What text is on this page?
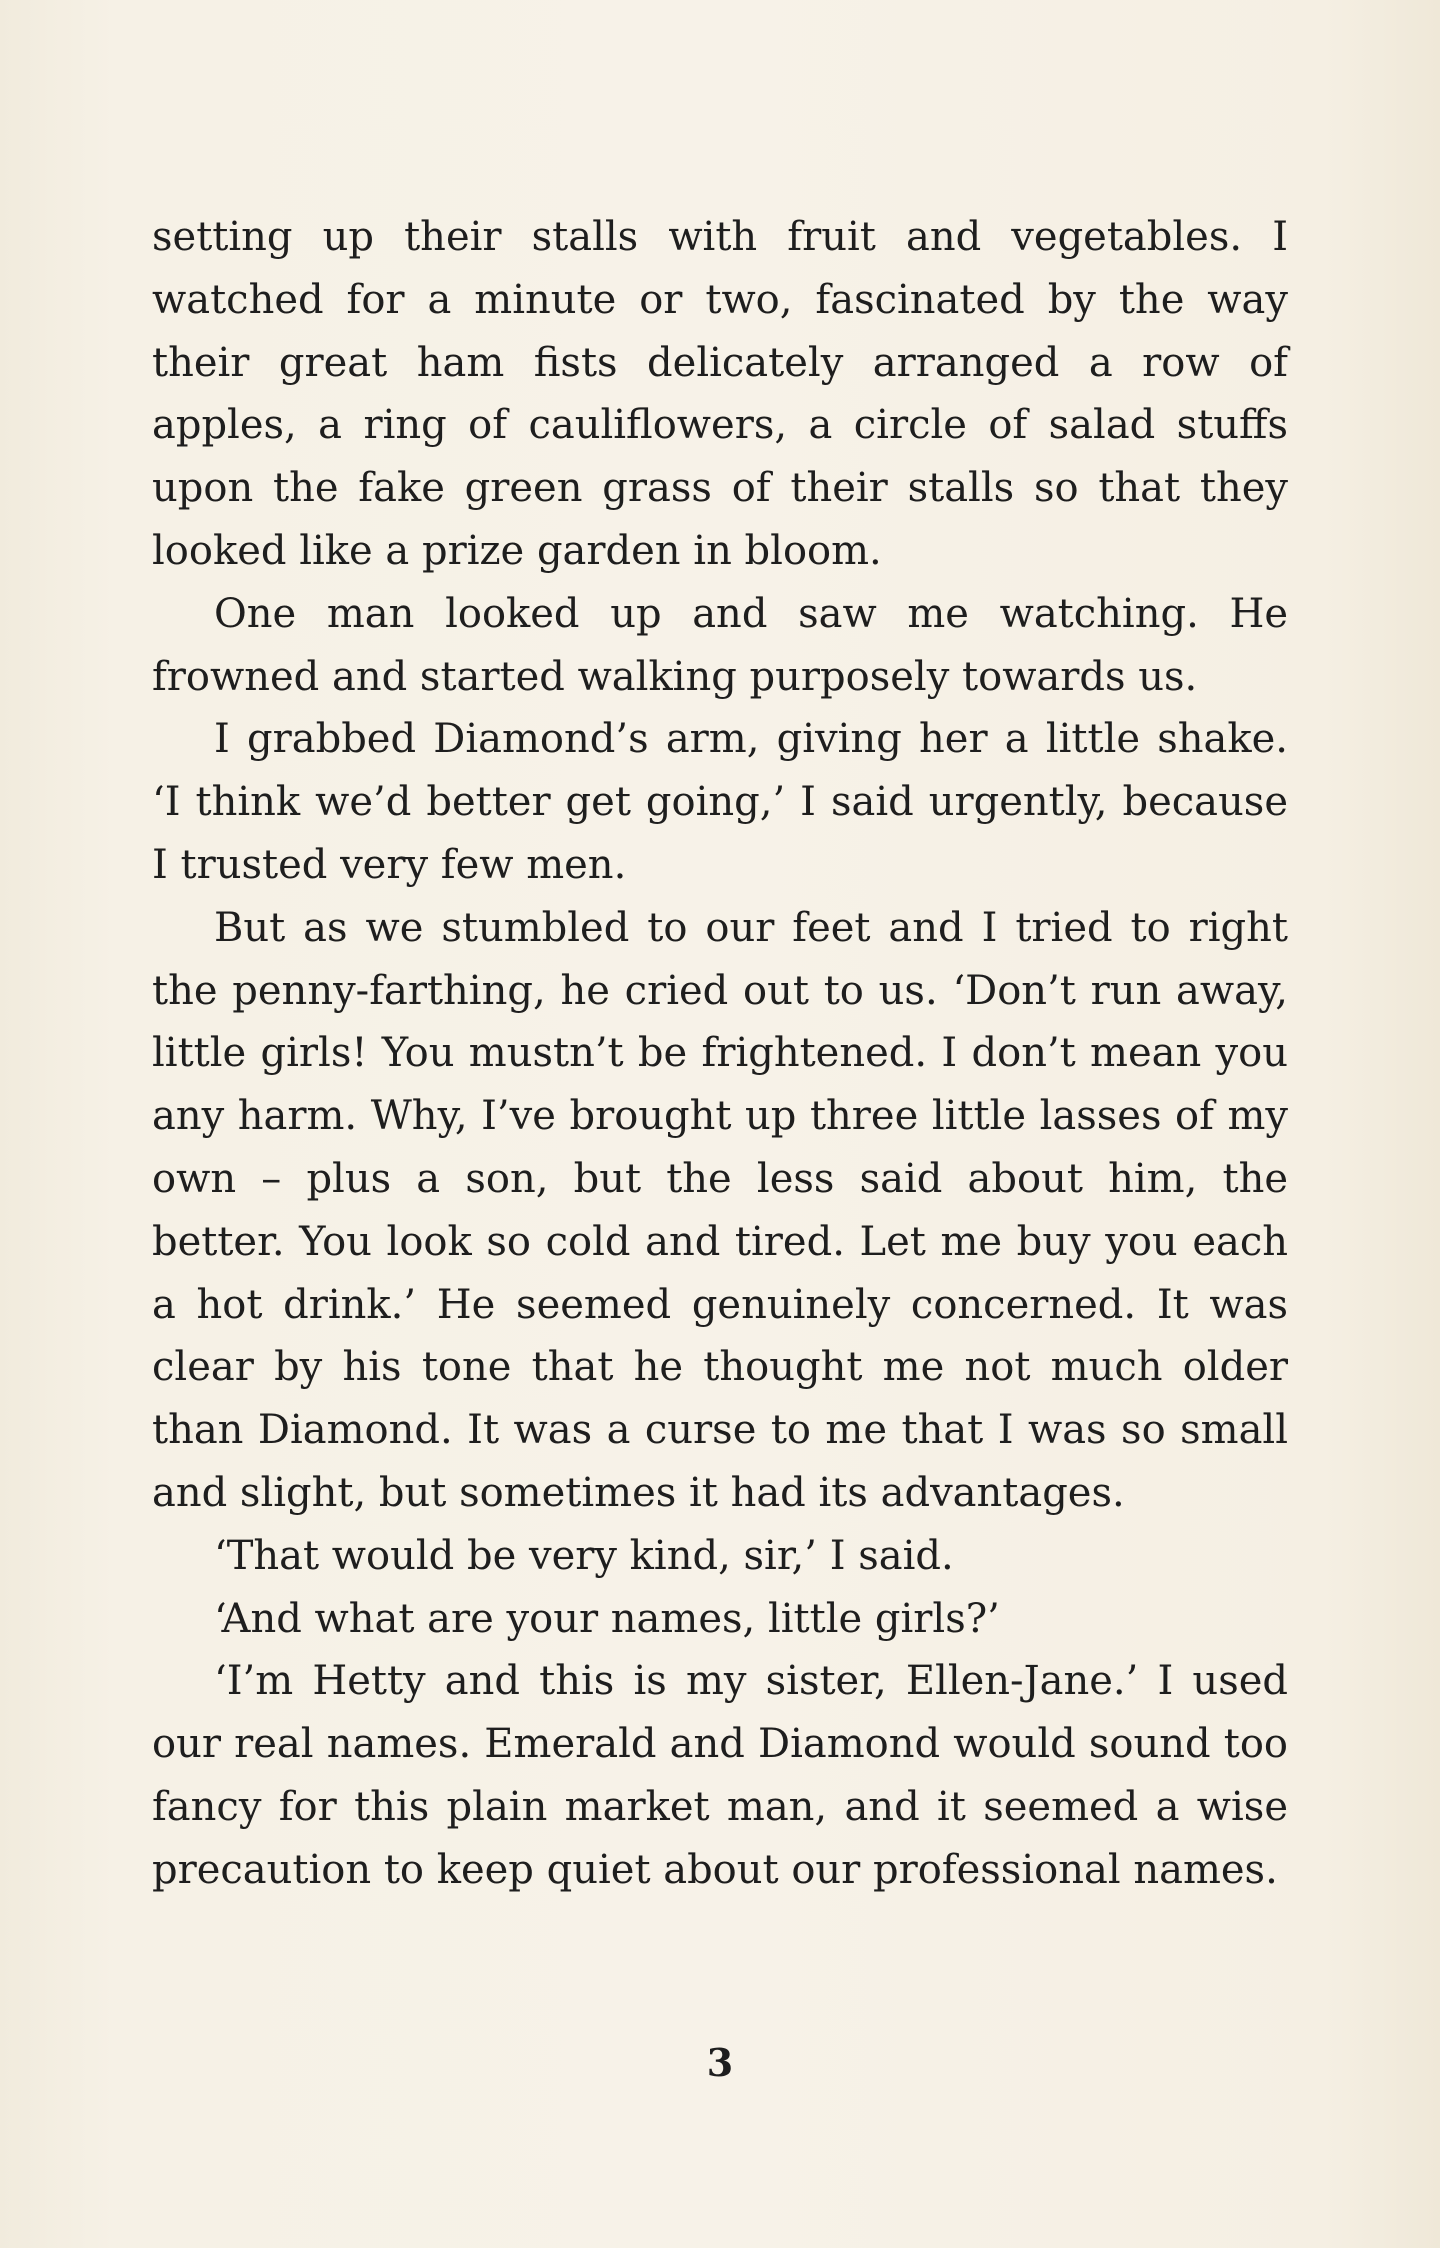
setting up their stalls with fruit and vegetables. I watched for a minute or two, fascinated by the way their great ham fists delicately arranged a row of apples, a ring of cauliflowers, a circle of salad stuffs upon the fake green grass of their stalls so that they looked like a prize garden in bloom.

One man looked up and saw me watching. He frowned and started walking purposely towards us.

I grabbed Diamond’s arm, giving her a little shake. ‘I think we’d better get going,’ I said urgently, because I trusted very few men.

But as we stumbled to our feet and I tried to right the penny-farthing, he cried out to us. ‘Don’t run away, little girls! You mustn’t be frightened. I don’t mean you any harm. Why, I’ve brought up three little lasses of my own – plus a son, but the less said about him, the better. You look so cold and tired. Let me buy you each a hot drink.’ He seemed genuinely concerned. It was clear by his tone that he thought me not much older than Diamond. It was a curse to me that I was so small and slight, but sometimes it had its advantages.

‘That would be very kind, sir,’ I said.

‘And what are your names, little girls?’

‘I’m Hetty and this is my sister, Ellen-Jane.’ I used our real names. Emerald and Diamond would sound too fancy for this plain market man, and it seemed a wise precaution to keep quiet about our professional names.

3
